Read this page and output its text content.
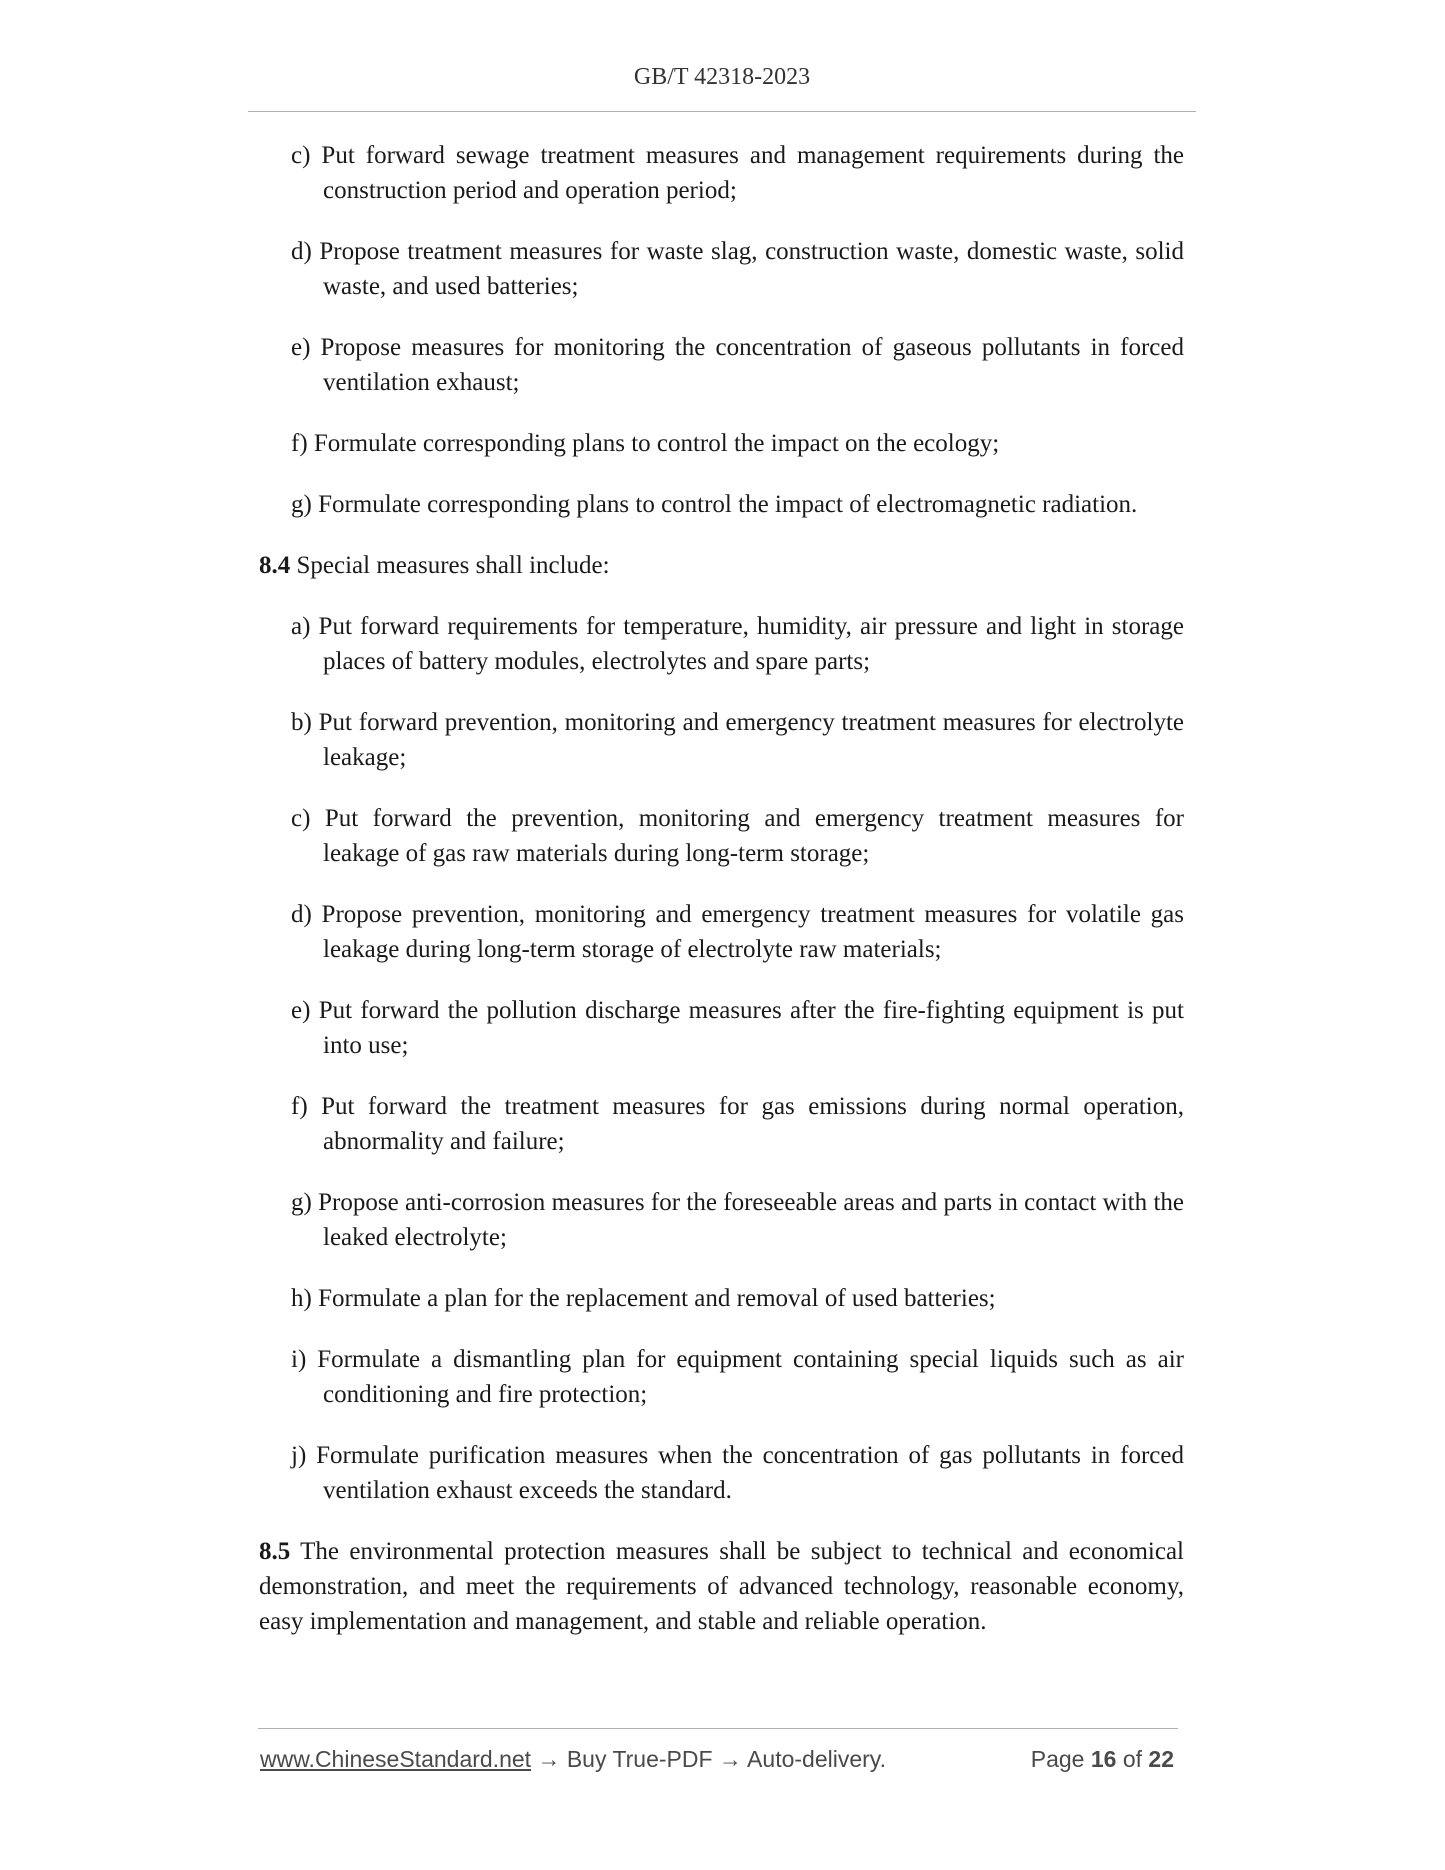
GB/T 42318-2023
c) Put forward sewage treatment measures and management requirements during the construction period and operation period;
d) Propose treatment measures for waste slag, construction waste, domestic waste, solid waste, and used batteries;
e) Propose measures for monitoring the concentration of gaseous pollutants in forced ventilation exhaust;
f) Formulate corresponding plans to control the impact on the ecology;
g) Formulate corresponding plans to control the impact of electromagnetic radiation.

8.4 Special measures shall include:

a) Put forward requirements for temperature, humidity, air pressure and light in storage places of battery modules, electrolytes and spare parts;
b) Put forward prevention, monitoring and emergency treatment measures for electrolyte leakage;
c) Put forward the prevention, monitoring and emergency treatment measures for leakage of gas raw materials during long-term storage;
d) Propose prevention, monitoring and emergency treatment measures for volatile gas leakage during long-term storage of electrolyte raw materials;
e) Put forward the pollution discharge measures after the fire-fighting equipment is put into use;
f) Put forward the treatment measures for gas emissions during normal operation, abnormality and failure;
g) Propose anti-corrosion measures for the foreseeable areas and parts in contact with the leaked electrolyte;
h) Formulate a plan for the replacement and removal of used batteries;
i) Formulate a dismantling plan for equipment containing special liquids such as air conditioning and fire protection;
j) Formulate purification measures when the concentration of gas pollutants in forced ventilation exhaust exceeds the standard.

8.5 The environmental protection measures shall be subject to technical and economical demonstration, and meet the requirements of advanced technology, reasonable economy, easy implementation and management, and stable and reliable operation.

www.ChineseStandard.net → Buy True-PDF → Auto-delivery.	Page 16 of 22
